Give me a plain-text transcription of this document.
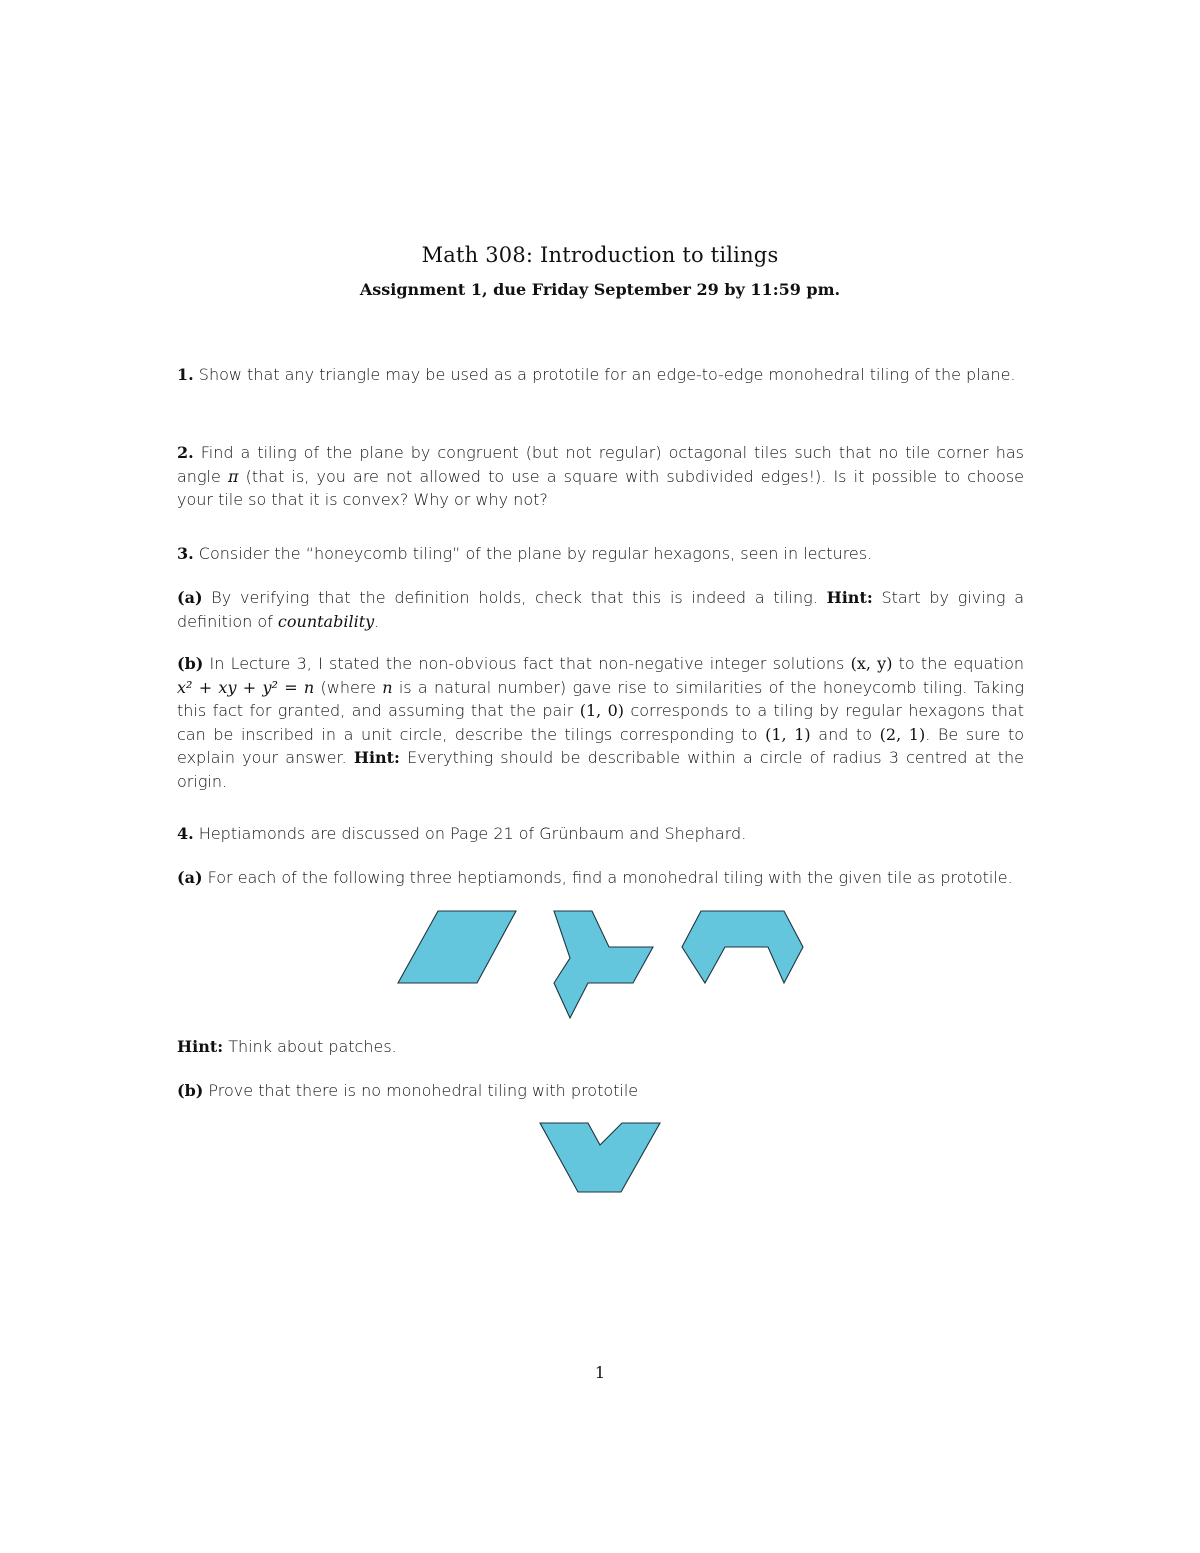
Math 308: Introduction to tilings
Assignment 1, due Friday September 29 by 11:59 pm.

1. Show that any triangle may be used as a prototile for an edge-to-edge monohedral tiling of the plane.

2. Find a tiling of the plane by congruent (but not regular) octagonal tiles such that no tile corner has angle π (that is, you are not allowed to use a square with subdivided edges!). Is it possible to choose your tile so that it is convex? Why or why not?

3. Consider the “honeycomb tiling” of the plane by regular hexagons, seen in lectures.

(a) By verifying that the definition holds, check that this is indeed a tiling. Hint: Start by giving a definition of countability.

(b) In Lecture 3, I stated the non-obvious fact that non-negative integer solutions (x, y) to the equation x² + xy + y² = n (where n is a natural number) gave rise to similarities of the honeycomb tiling. Taking this fact for granted, and assuming that the pair (1, 0) corresponds to a tiling by regular hexagons that can be inscribed in a unit circle, describe the tilings corresponding to (1, 1) and to (2, 1). Be sure to explain your answer. Hint: Everything should be describable within a circle of radius 3 centred at the origin.

4. Heptiamonds are discussed on Page 21 of Grünbaum and Shephard.

(a) For each of the following three heptiamonds, find a monohedral tiling with the given tile as prototile.

Hint: Think about patches.

(b) Prove that there is no monohedral tiling with prototile

1
